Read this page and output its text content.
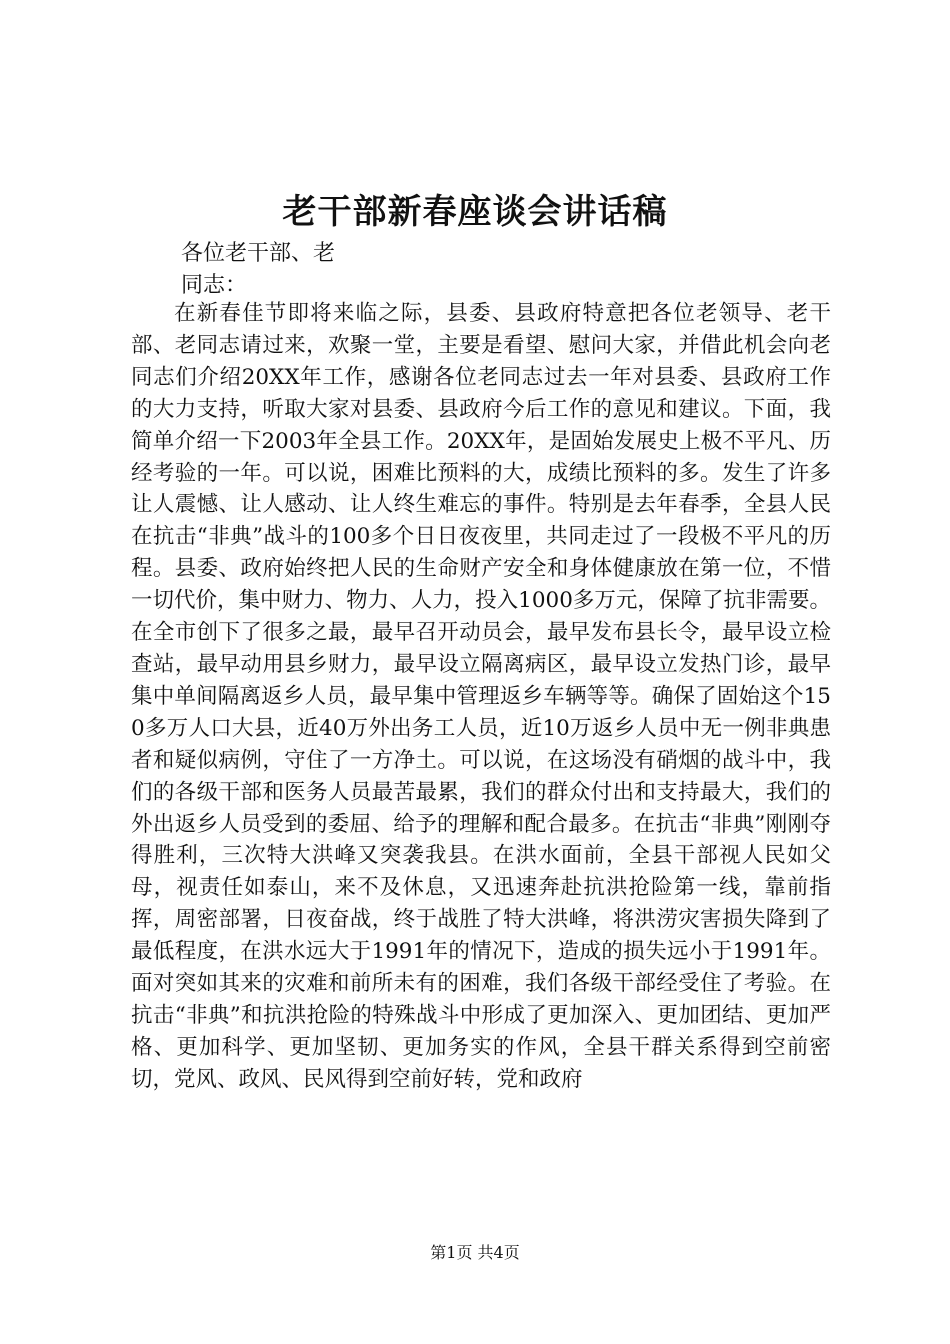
老干部新春座谈会讲话稿

各位老干部、老

同志：

在新春佳节即将来临之际，县委、县政府特意把各位老领导、老干部、老同志请过来，欢聚一堂，主要是看望、慰问大家，并借此机会向老同志们介绍20XX年工作，感谢各位老同志过去一年对县委、县政府工作的大力支持，听取大家对县委、县政府今后工作的意见和建议。下面，我简单介绍一下2003年全县工作。20XX年，是固始发展史上极不平凡、历经考验的一年。可以说，困难比预料的大，成绩比预料的多。发生了许多让人震憾、让人感动、让人终生难忘的事件。特别是去年春季，全县人民在抗击“非典”战斗的100多个日日夜夜里，共同走过了一段极不平凡的历程。县委、政府始终把人民的生命财产安全和身体健康放在第一位，不惜一切代价，集中财力、物力、人力，投入1000多万元，保障了抗非需要。在全市创下了很多之最，最早召开动员会，最早发布县长令，最早设立检查站，最早动用县乡财力，最早设立隔离病区，最早设立发热门诊，最早集中单间隔离返乡人员，最早集中管理返乡车辆等等。确保了固始这个150多万人口大县，近40万外出务工人员，近10万返乡人员中无一例非典患者和疑似病例，守住了一方净土。可以说，在这场没有硝烟的战斗中，我们的各级干部和医务人员最苦最累，我们的群众付出和支持最大，我们的外出返乡人员受到的委屈、给予的理解和配合最多。在抗击“非典”刚刚夺得胜利，三次特大洪峰又突袭我县。在洪水面前，全县干部视人民如父母，视责任如泰山，来不及休息，又迅速奔赴抗洪抢险第一线，靠前指挥，周密部署，日夜奋战，终于战胜了特大洪峰，将洪涝灾害损失降到了最低程度，在洪水远大于1991年的情况下，造成的损失远小于1991年。面对突如其来的灾难和前所未有的困难，我们各级干部经受住了考验。在抗击“非典”和抗洪抢险的特殊战斗中形成了更加深入、更加团结、更加严格、更加科学、更加坚韧、更加务实的作风，全县干群关系得到空前密切，党风、政风、民风得到空前好转，党和政府

第1页 共4页
